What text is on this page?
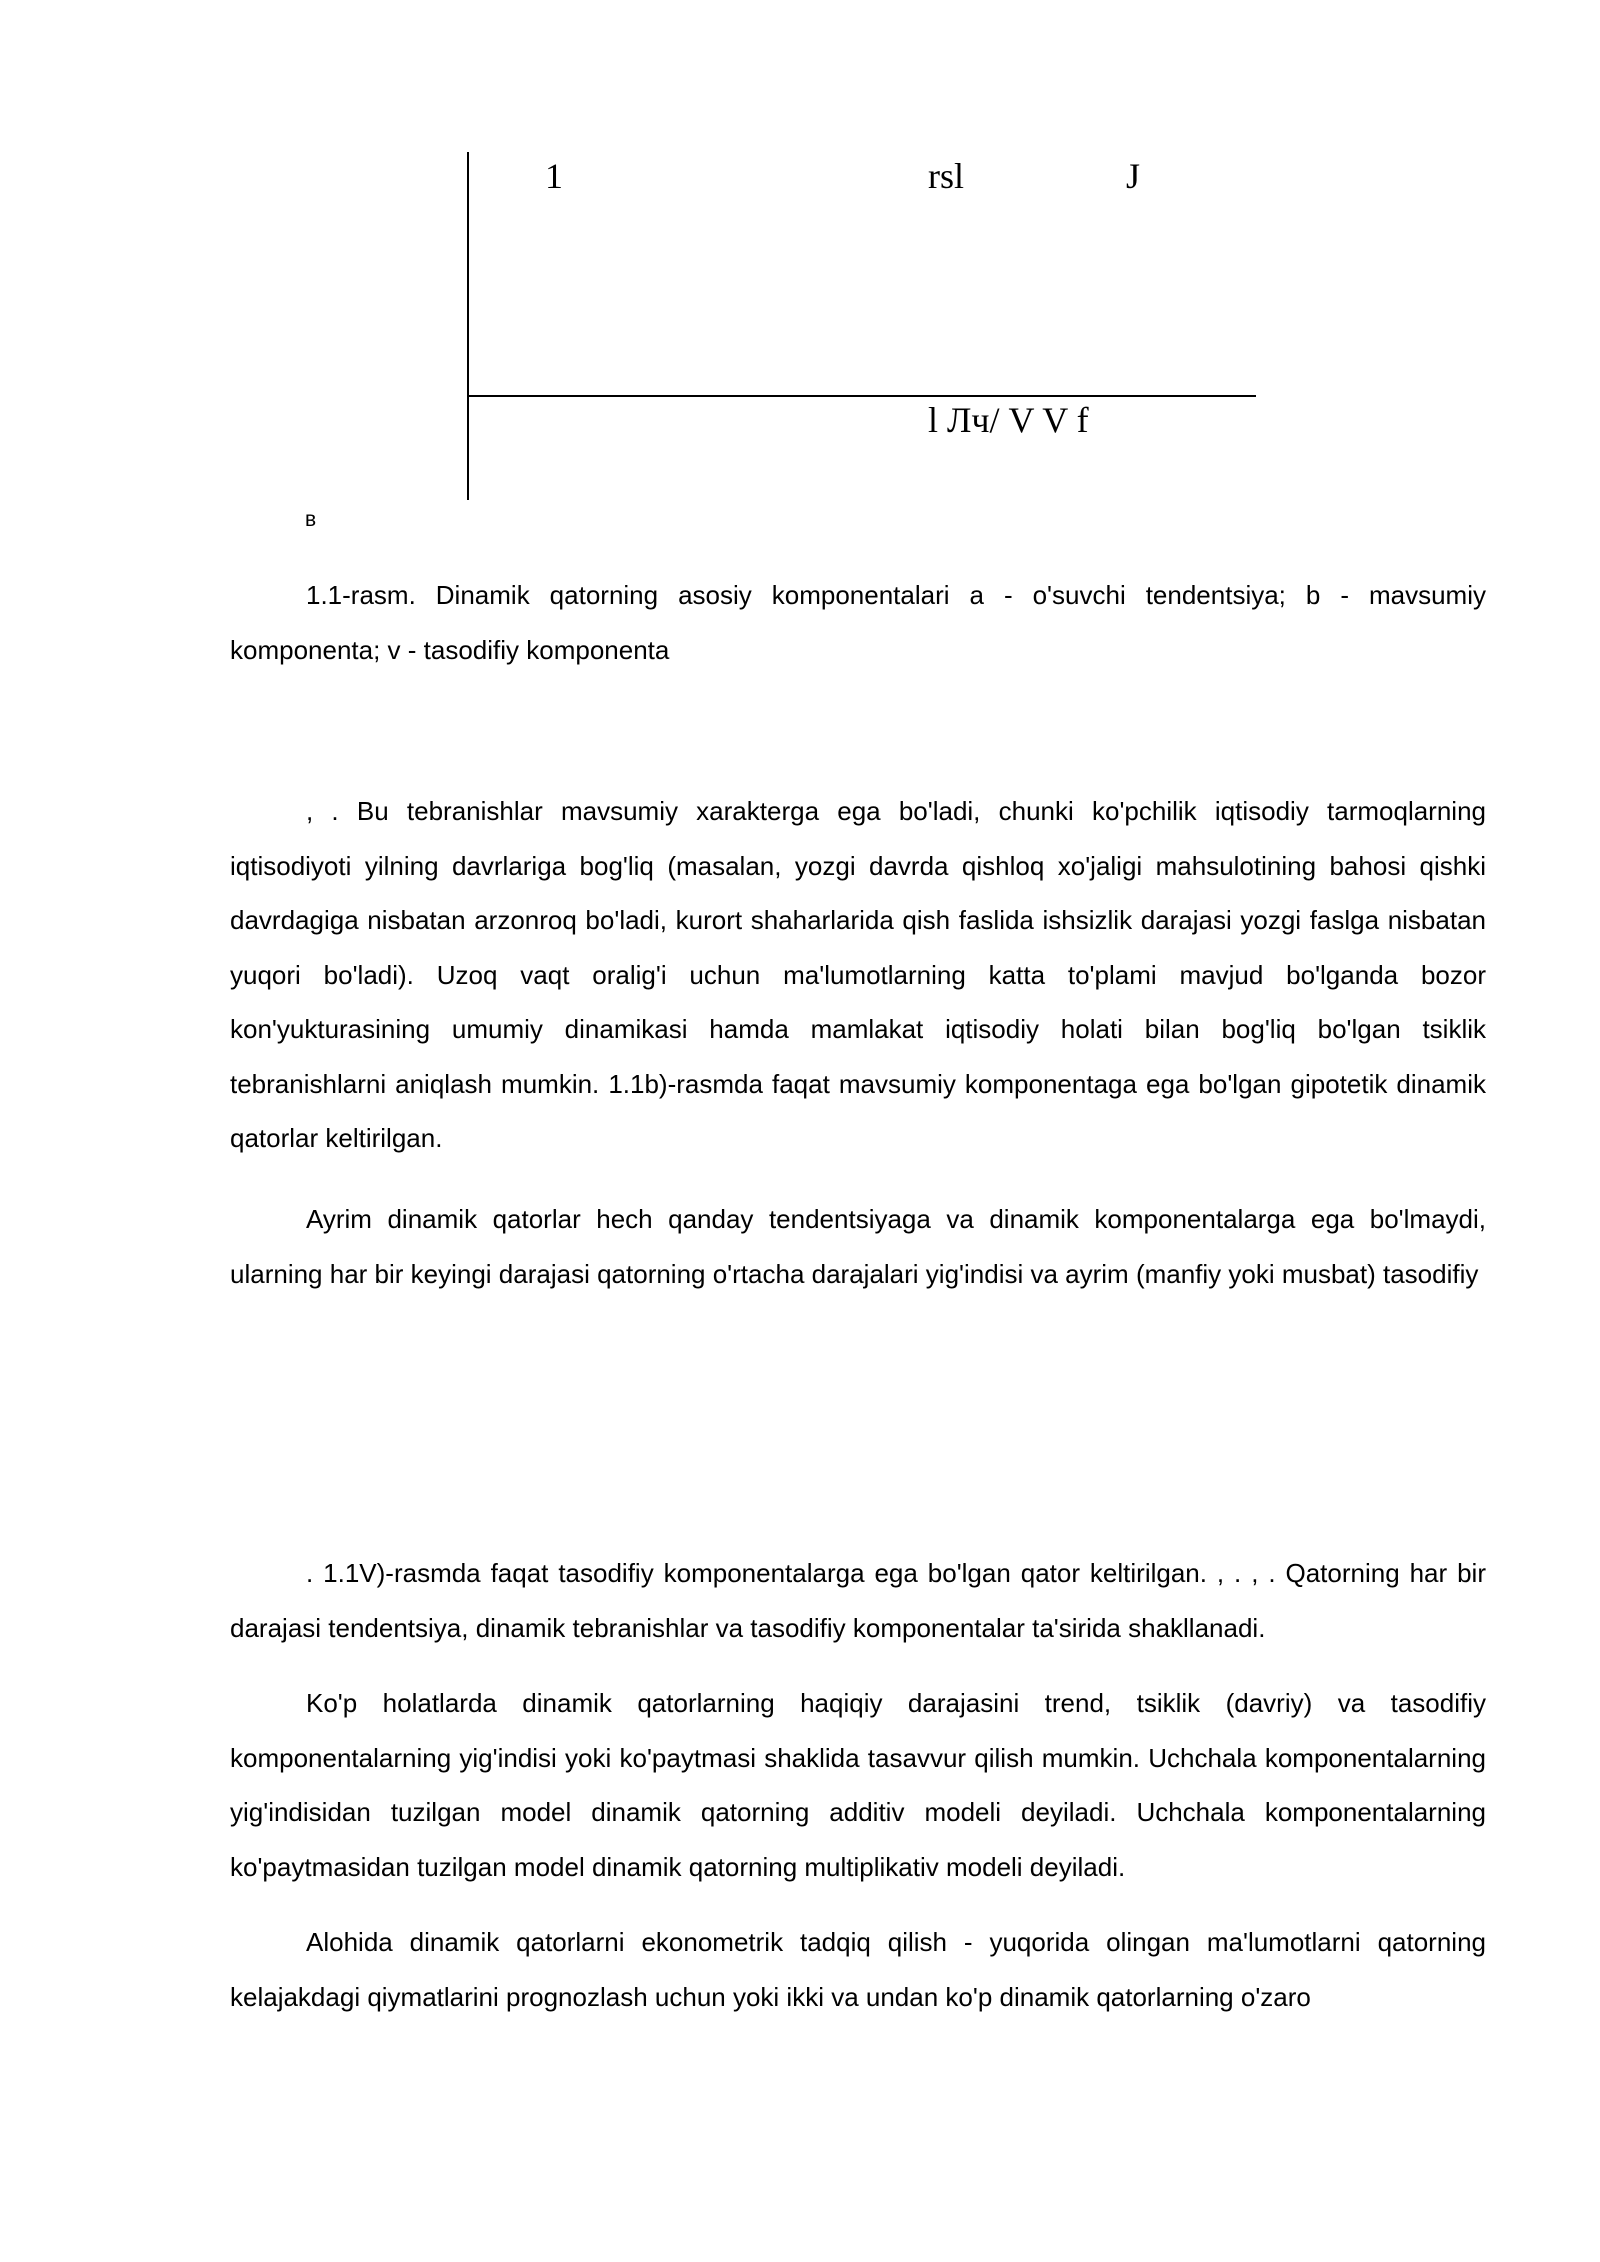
1	rsl	J
l Лч/ V V f
в

1.1-rasm. Dinamik qatorning asosiy komponentalari a - o'suvchi tendentsiya; b - mavsumiy komponenta; v - tasodifiy komponenta

, . Bu tebranishlar mavsumiy xarakterga ega bo'ladi, chunki ko'pchilik iqtisodiy tarmoqlarning iqtisodiyoti yilning davrlariga bog'liq (masalan, yozgi davrda qishloq xo'jaligi mahsulotining bahosi qishki davrdagiga nisbatan arzonroq bo'ladi, kurort shaharlarida qish faslida ishsizlik darajasi yozgi faslga nisbatan yuqori bo'ladi). Uzoq vaqt oralig'i uchun ma'lumotlarning katta to'plami mavjud bo'lganda bozor kon'yukturasining umumiy dinamikasi hamda mamlakat iqtisodiy holati bilan bog'liq bo'lgan tsiklik tebranishlarni aniqlash mumkin. 1.1b)-rasmda faqat mavsumiy komponentaga ega bo'lgan gipotetik dinamik qatorlar keltirilgan.

Ayrim dinamik qatorlar hech qanday tendentsiyaga va dinamik komponentalarga ega bo'lmaydi, ularning har bir keyingi darajasi qatorning o'rtacha darajalari yig'indisi va ayrim (manfiy yoki musbat) tasodifiy

. 1.1V)-rasmda faqat tasodifiy komponentalarga ega bo'lgan qator keltirilgan. , . , . Qatorning har bir darajasi tendentsiya, dinamik tebranishlar va tasodifiy komponentalar ta'sirida shakllanadi.

Ko'p holatlarda dinamik qatorlarning haqiqiy darajasini trend, tsiklik (davriy) va tasodifiy komponentalarning yig'indisi yoki ko'paytmasi shaklida tasavvur qilish mumkin. Uchchala komponentalarning yig'indisidan tuzilgan model dinamik qatorning additiv modeli deyiladi. Uchchala komponentalarning ko'paytmasidan tuzilgan model dinamik qatorning multiplikativ modeli deyiladi.

Alohida dinamik qatorlarni ekonometrik tadqiq qilish - yuqorida olingan ma'lumotlarni qatorning kelajakdagi qiymatlarini prognozlash uchun yoki ikki va undan ko'p dinamik qatorlarning o'zaro
